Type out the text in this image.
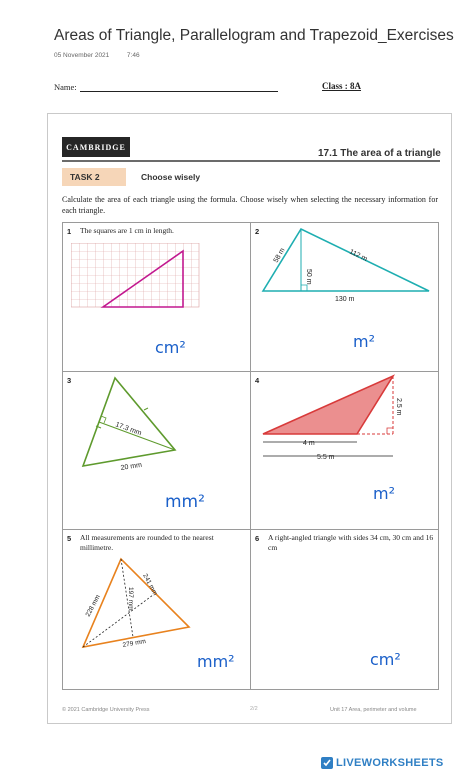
Areas of Triangle, Parallelogram and Trapezoid_Exercises
05 November 2021	7:46
Name:	Class : 8A
CAMBRIDGE
17.1 The area of a triangle
TASK 2	Choose wisely
Calculate the area of each triangle using the formula. Choose wisely when selecting the necessary information for each triangle.
1 The squares are 1 cm in length.
cm²
2
58 m	112 m
50 m
130 m
m²
3
17.3 mm
20 mm
mm²
4
4 m
5.5 m
2.5 m
m²
5 All measurements are rounded to the nearest millimetre.
241 mm
228 mm	197 mm
279 mm
mm²
6 A right-angled triangle with sides 34 cm, 30 cm and 16 cm
cm²
© 2021 Cambridge University Press	2/2	Unit 17 Area, perimeter and volume
LIVEWORKSHEETS
